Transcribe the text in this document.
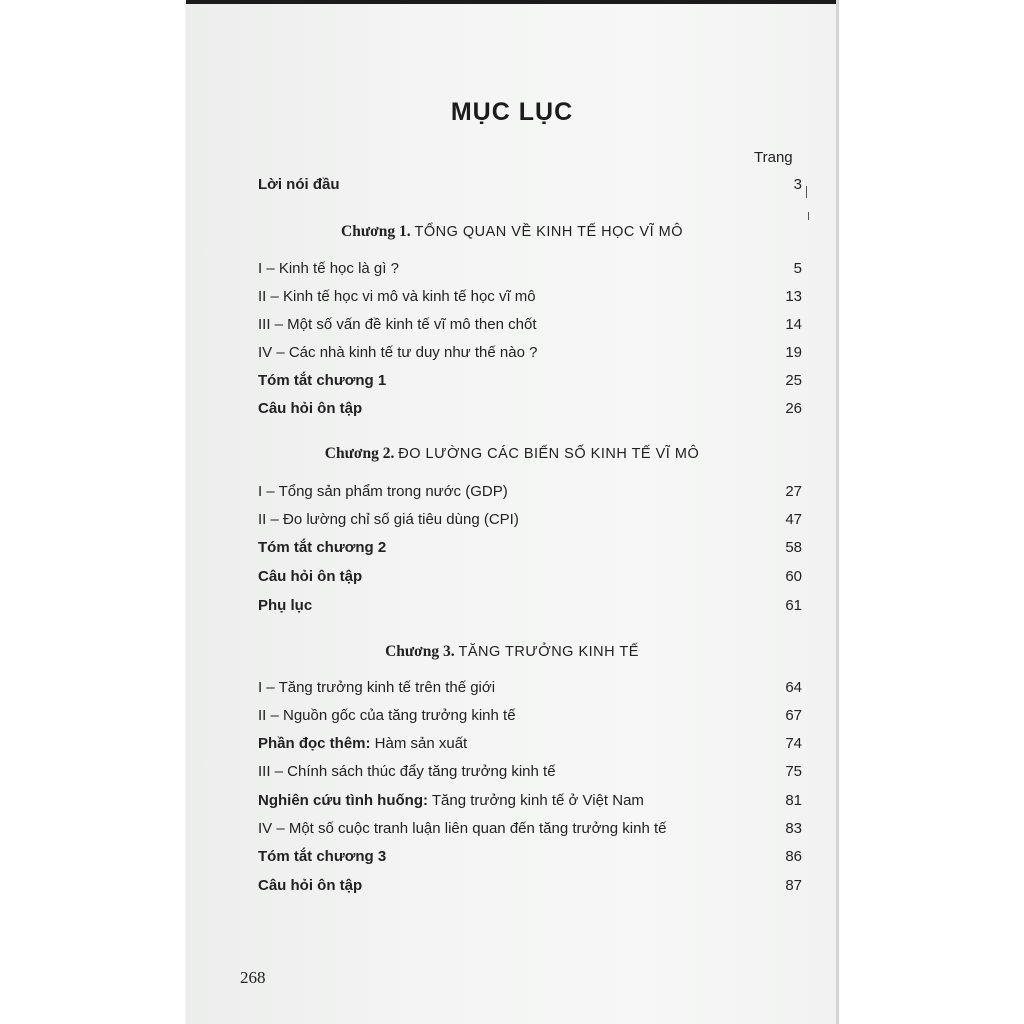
MỤC LỤC
Trang
Lời nói đầu	3
Chương 1. TỔNG QUAN VỀ KINH TẾ HỌC VĨ MÔ
I – Kinh tế học là gì ?	5
II – Kinh tế học vi mô và kinh tế học vĩ mô	13
III – Một số vấn đề kinh tế vĩ mô then chốt	14
IV – Các nhà kinh tế tư duy như thế nào ?	19
Tóm tắt chương 1	25
Câu hỏi ôn tập	26
Chương 2. ĐO LƯỜNG CÁC BIẾN SỐ KINH TẾ VĨ MÔ
I – Tổng sản phẩm trong nước (GDP)	27
II – Đo lường chỉ số giá tiêu dùng (CPI)	47
Tóm tắt chương 2	58
Câu hỏi ôn tập	60
Phụ lục	61
Chương 3. TĂNG TRƯỞNG KINH TẾ
I – Tăng trưởng kinh tế trên thế giới	64
II – Nguồn gốc của tăng trưởng kinh tế	67
Phần đọc thêm: Hàm sản xuất	74
III – Chính sách thúc đẩy tăng trưởng kinh tế	75
Nghiên cứu tình huống: Tăng trưởng kinh tế ở Việt Nam	81
IV – Một số cuộc tranh luận liên quan đến tăng trưởng kinh tế	83
Tóm tắt chương 3	86
Câu hỏi ôn tập	87
268
